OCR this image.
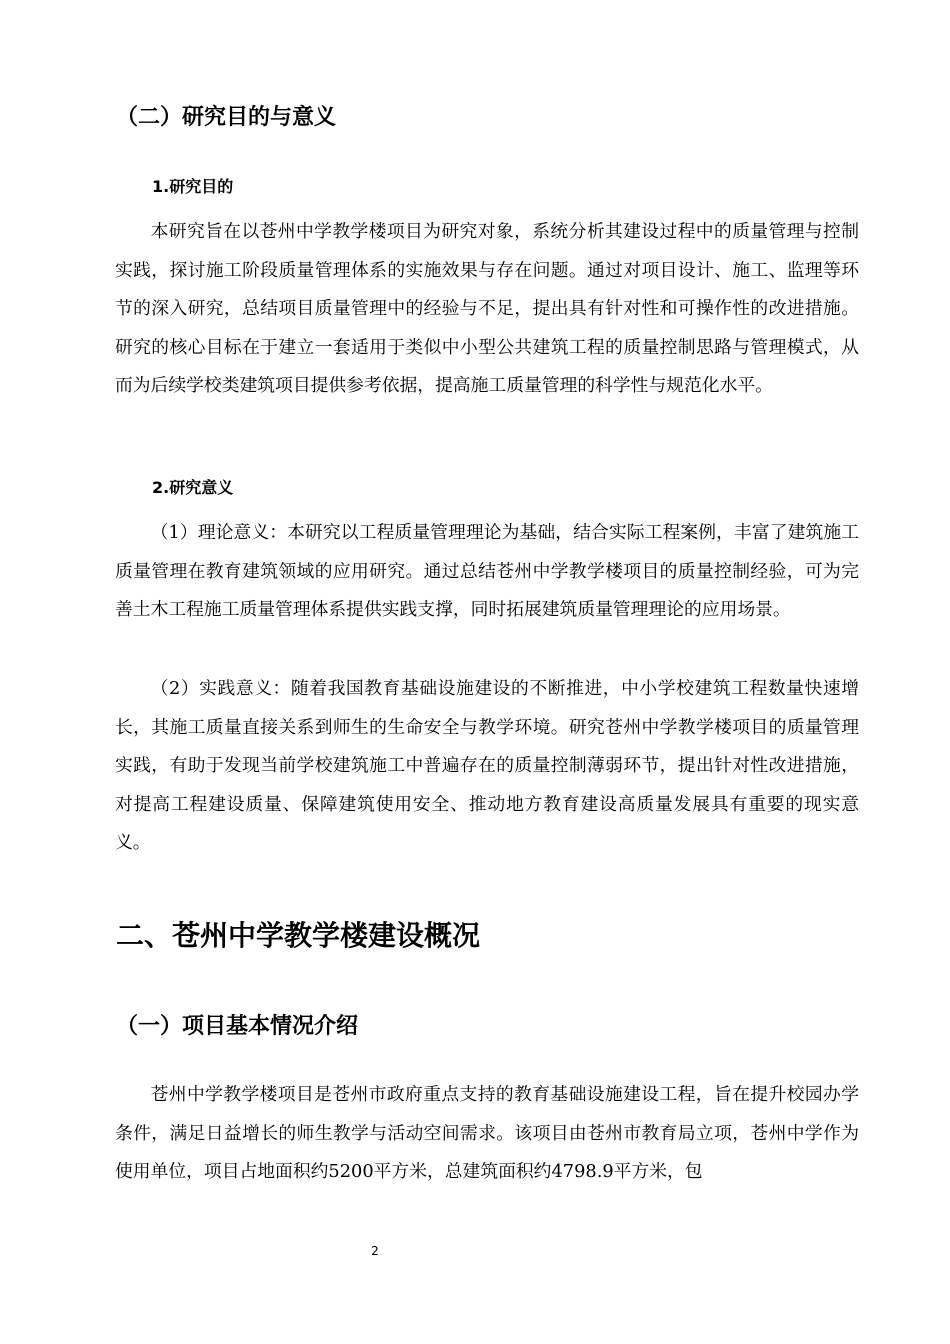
（二）研究目的与意义
1.研究目的

本研究旨在以苍州中学教学楼项目为研究对象，系统分析其建设过程中的质量管理与控制实践，探讨施工阶段质量管理体系的实施效果与存在问题。通过对项目设计、施工、监理等环节的深入研究，总结项目质量管理中的经验与不足，提出具有针对性和可操作性的改进措施。研究的核心目标在于建立一套适用于类似中小型公共建筑工程的质量控制思路与管理模式，从而为后续学校类建筑项目提供参考依据，提高施工质量管理的科学性与规范化水平。

2.研究意义

（1）理论意义：本研究以工程质量管理理论为基础，结合实际工程案例，丰富了建筑施工质量管理在教育建筑领域的应用研究。通过总结苍州中学教学楼项目的质量控制经验，可为完善土木工程施工质量管理体系提供实践支撑，同时拓展建筑质量管理理论的应用场景。

（2）实践意义：随着我国教育基础设施建设的不断推进，中小学校建筑工程数量快速增长，其施工质量直接关系到师生的生命安全与教学环境。研究苍州中学教学楼项目的质量管理实践，有助于发现当前学校建筑施工中普遍存在的质量控制薄弱环节，提出针对性改进措施，对提高工程建设质量、保障建筑使用安全、推动地方教育建设高质量发展具有重要的现实意义。

二、苍州中学教学楼建设概况
（一）项目基本情况介绍

苍州中学教学楼项目是苍州市政府重点支持的教育基础设施建设工程，旨在提升校园办学条件，满足日益增长的师生教学与活动空间需求。该项目由苍州市教育局立项，苍州中学作为使用单位，项目占地面积约5200平方米，总建筑面积约4798.9平方米，包

2
